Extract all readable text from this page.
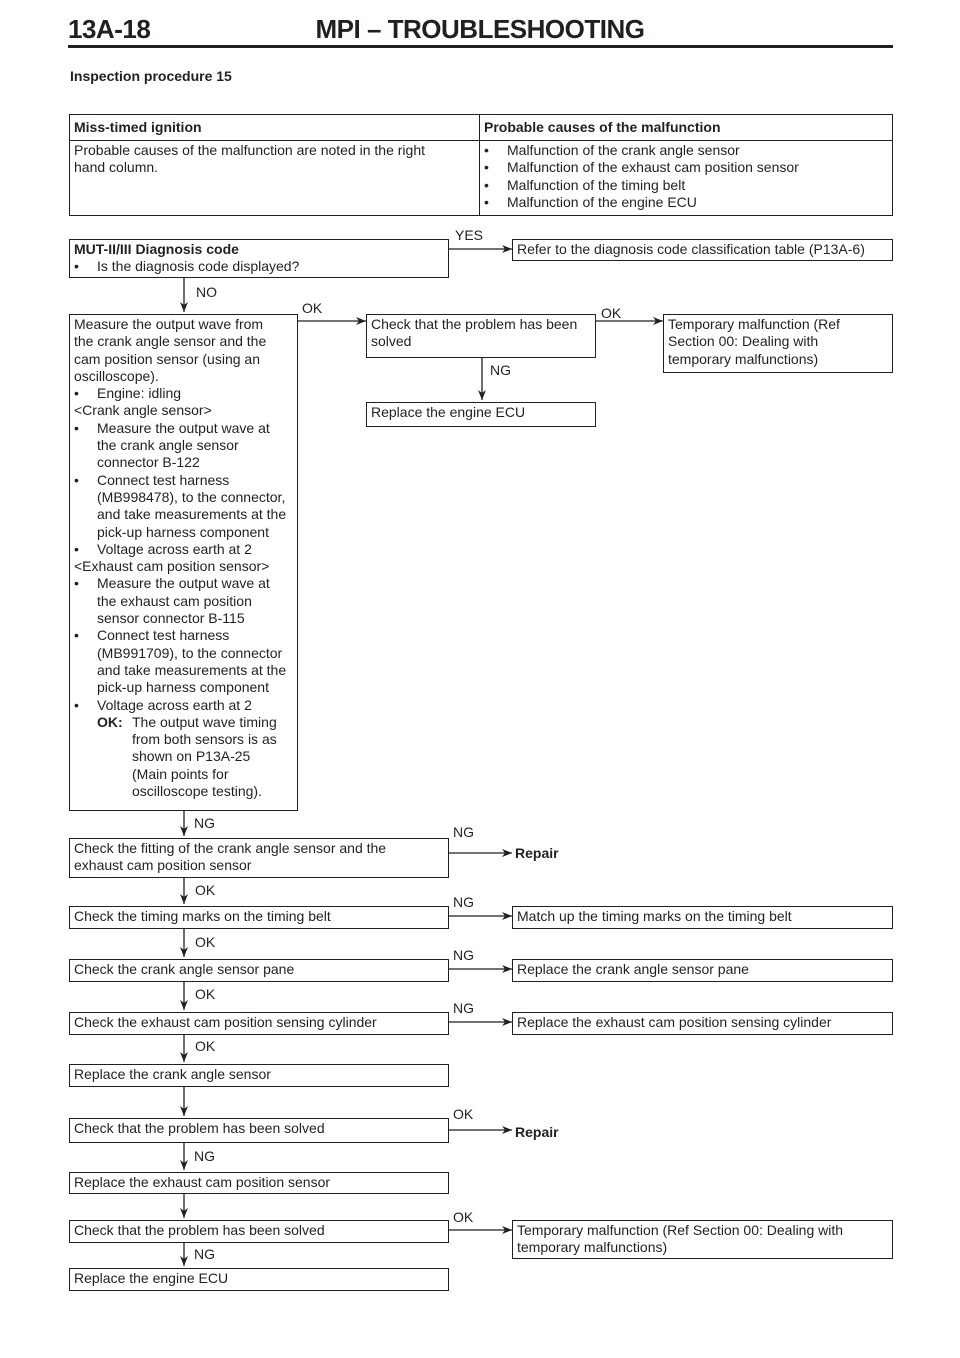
13A-18	MPI – TROUBLESHOOTING
Inspection procedure 15
Miss-timed ignition	Probable causes of the malfunction
Probable causes of the malfunction are noted in the right
hand column.
•	Malfunction of the crank angle sensor
•	Malfunction of the exhaust cam position sensor
•	Malfunction of the timing belt
•	Malfunction of the engine ECU
MUT-II/III Diagnosis code
•	Is the diagnosis code displayed?
Refer to the diagnosis code classification table (P13A-6)
Measure the output wave from
the crank angle sensor and the
cam position sensor (using an
oscilloscope).
•	Engine: idling
<Crank angle sensor>
•	Measure the output wave at
the crank angle sensor
connector B-122
•	Connect test harness
(MB998478), to the connector,
and take measurements at the
pick-up harness component
•	Voltage across earth at 2
<Exhaust cam position sensor>
•	Measure the output wave at
the exhaust cam position
sensor connector B-115
•	Connect test harness
(MB991709), to the connector
and take measurements at the
pick-up harness component
•	Voltage across earth at 2
OK: The output wave timing
from both sensors is as
shown on P13A-25
(Main points for
oscilloscope testing).
Check that the problem has been
solved
Temporary malfunction (Ref
Section 00: Dealing with
temporary malfunctions)
Replace the engine ECU
Check the fitting of the crank angle sensor and the
exhaust cam position sensor
Repair
Check the timing marks on the timing belt	Match up the timing marks on the timing belt
Check the crank angle sensor pane	Replace the crank angle sensor pane
Check the exhaust cam position sensing cylinder	Replace the exhaust cam position sensing cylinder
Replace the crank angle sensor
Check that the problem has been solved	Repair
Replace the exhaust cam position sensor
Check that the problem has been solved	Temporary malfunction (Ref Section 00: Dealing with
temporary malfunctions)
Replace the engine ECU
YES
NO
OK	OK
NG
NG
NG
OK
NG
OK
NG
OK
NG
OK
OK
NG
OK
NG
